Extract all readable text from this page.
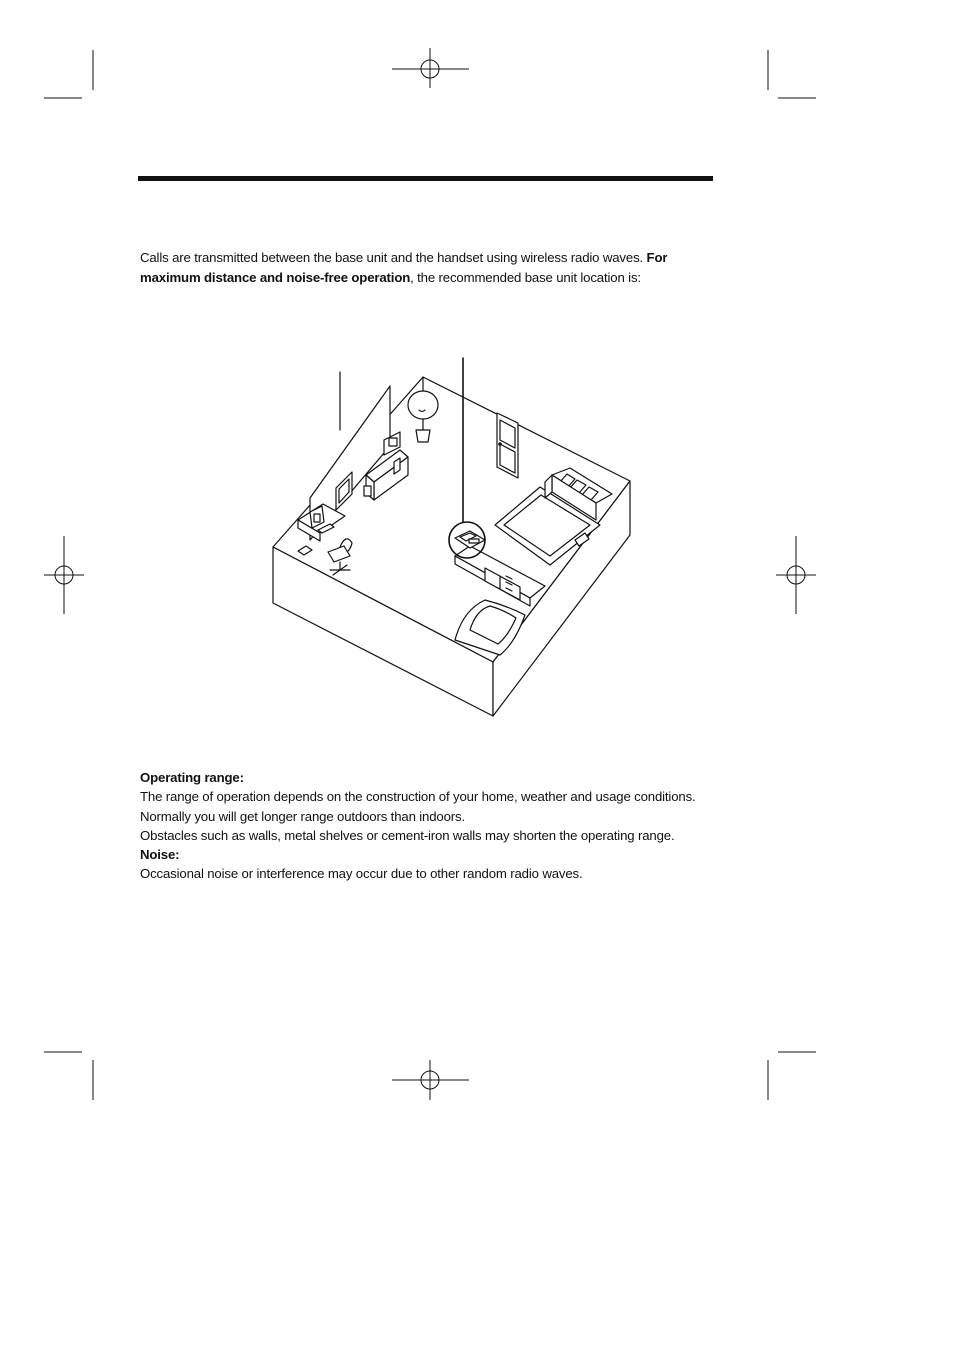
Calls are transmitted between the base unit and the handset using wireless radio waves. For maximum distance and noise-free operation, the recommended base unit location is:

Operating range:
The range of operation depends on the construction of your home, weather and usage conditions.
Normally you will get longer range outdoors than indoors.
Obstacles such as walls, metal shelves or cement-iron walls may shorten the operating range.
Noise:
Occasional noise or interference may occur due to other random radio waves.
